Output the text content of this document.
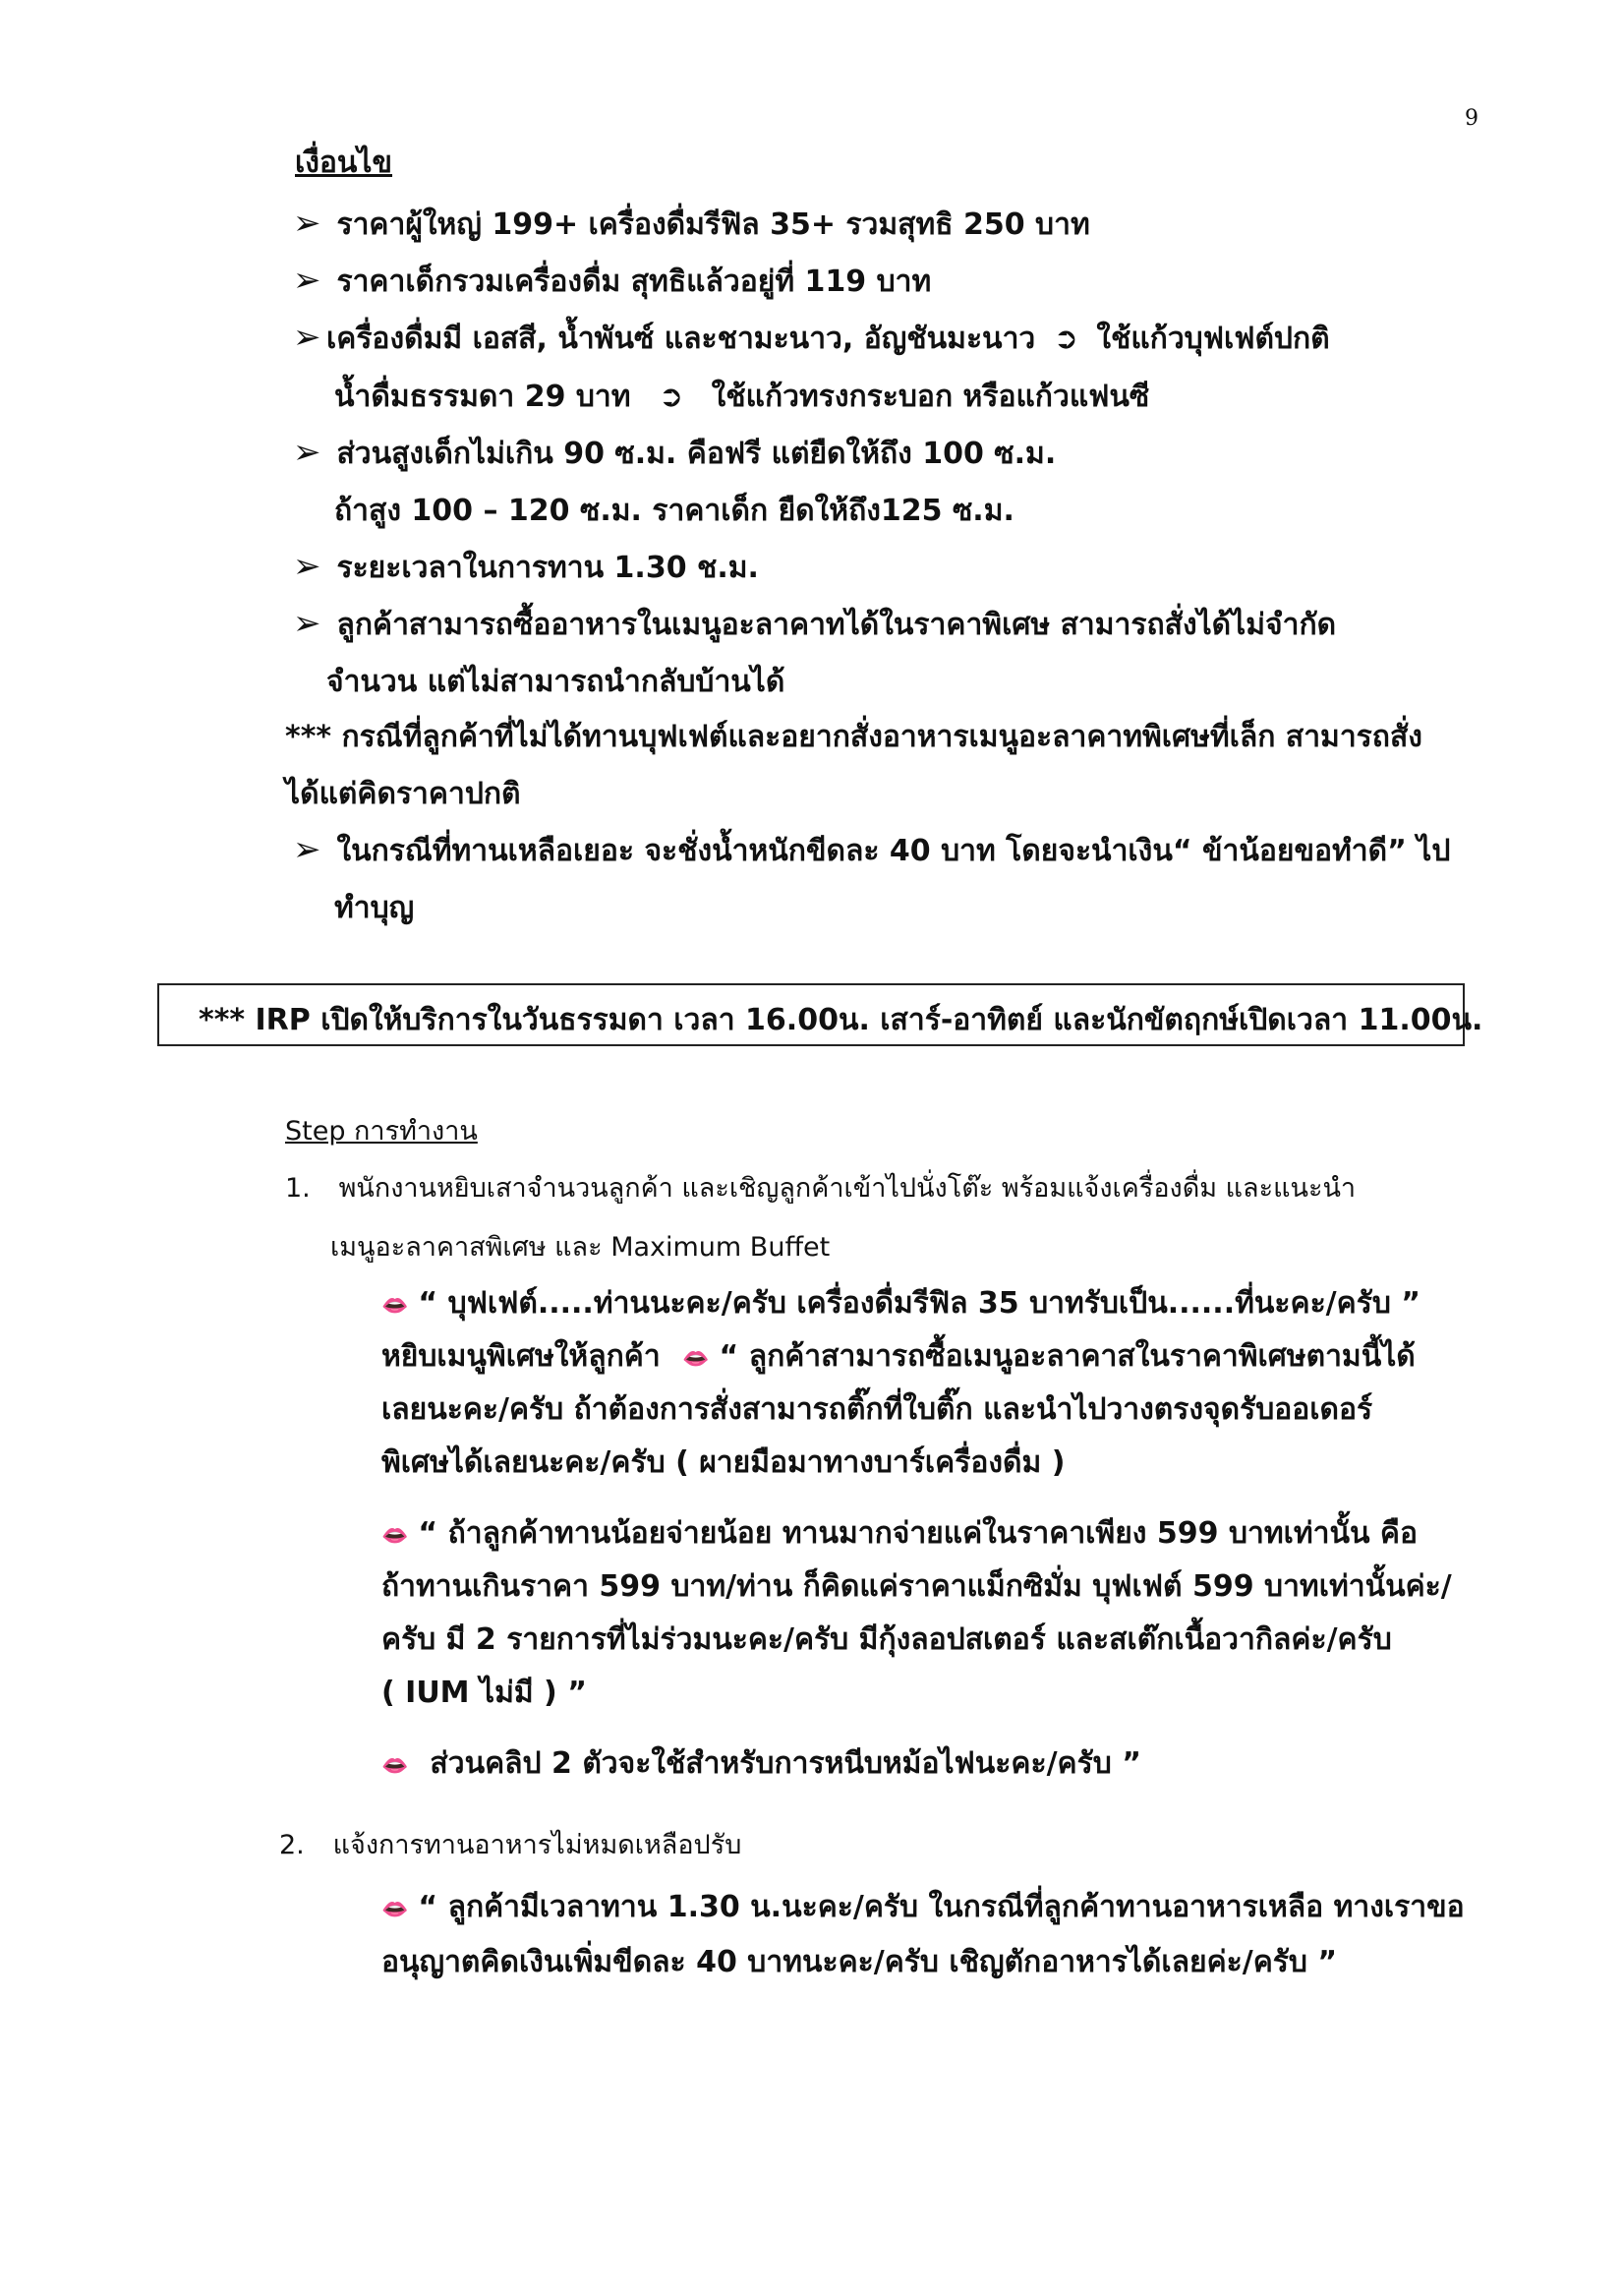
9
เงื่อนไข
➢ ราคาผู้ใหญ่ 199+ เครื่องดื่มรีฟิล 35+ รวมสุทธิ 250 บาท
➢ ราคาเด็กรวมเครื่องดื่ม สุทธิแล้วอยู่ที่ 119 บาท
➢ เครื่องดื่มมี เอสสี, น้ำพันซ์ และชามะนาว, อัญชันมะนาว ➲ ใช้แก้วบุฟเฟต์ปกติ
น้ำดื่มธรรมดา 29 บาท ➲ ใช้แก้วทรงกระบอก หรือแก้วแฟนซี
➢ ส่วนสูงเด็กไม่เกิน 90 ซ.ม. คือฟรี แต่ยืดให้ถึง 100 ซ.ม.
ถ้าสูง 100 – 120 ซ.ม. ราคาเด็ก ยืดให้ถึง125 ซ.ม.
➢ ระยะเวลาในการทาน 1.30 ช.ม.
➢ ลูกค้าสามารถซื้ออาหารในเมนูอะลาคาทได้ในราคาพิเศษ สามารถสั่งได้ไม่จำกัด
จำนวน แต่ไม่สามารถนำกลับบ้านได้
*** กรณีที่ลูกค้าที่ไม่ได้ทานบุฟเฟต์และอยากสั่งอาหารเมนูอะลาคาทพิเศษที่เล็ก สามารถสั่ง
ได้แต่คิดราคาปกติ
➢ ในกรณีที่ทานเหลือเยอะ จะชั่งน้ำหนักขีดละ 40 บาท โดยจะนำเงิน“ ข้าน้อยขอทำดี” ไป
ทำบุญ
*** IRP เปิดให้บริการในวันธรรมดา เวลา 16.00น. เสาร์-อาทิตย์ และนักขัตฤกษ์เปิดเวลา 11.00น.
Step การทำงาน
1. พนักงานหยิบเสาจำนวนลูกค้า และเชิญลูกค้าเข้าไปนั่งโต๊ะ พร้อมแจ้งเครื่องดื่ม และแนะนำ
เมนูอะลาคาสพิเศษ และ Maximum Buffet
👄 “ บุฟเฟต์.....ท่านนะคะ/ครับ เครื่องดื่มรีฟิล 35 บาทรับเป็น......ที่นะคะ/ครับ ”
หยิบเมนูพิเศษให้ลูกค้า 👄 “ ลูกค้าสามารถซื้อเมนูอะลาคาสในราคาพิเศษตามนี้ได้
เลยนะคะ/ครับ ถ้าต้องการสั่งสามารถติ๊กที่ใบติ๊ก และนำไปวางตรงจุดรับออเดอร์
พิเศษได้เลยนะคะ/ครับ ( ผายมือมาทางบาร์เครื่องดื่ม )
👄 “ ถ้าลูกค้าทานน้อยจ่ายน้อย ทานมากจ่ายแค่ในราคาเพียง 599 บาทเท่านั้น คือ
ถ้าทานเกินราคา 599 บาท/ท่าน ก็คิดแค่ราคาแม็กซิมั่ม บุฟเฟต์ 599 บาทเท่านั้นค่ะ/
ครับ มี 2 รายการที่ไม่ร่วมนะคะ/ครับ มีกุ้งลอปสเตอร์ และสเต๊กเนื้อวากิลค่ะ/ครับ
( IUM ไม่มี ) ”
👄 ส่วนคลิป 2 ตัวจะใช้สำหรับการหนีบหม้อไฟนะคะ/ครับ ”
2. แจ้งการทานอาหารไม่หมดเหลือปรับ
👄 “ ลูกค้ามีเวลาทาน 1.30 น.นะคะ/ครับ ในกรณีที่ลูกค้าทานอาหารเหลือ ทางเราขอ
อนุญาตคิดเงินเพิ่มขีดละ 40 บาทนะคะ/ครับ เชิญตักอาหารได้เลยค่ะ/ครับ ”
